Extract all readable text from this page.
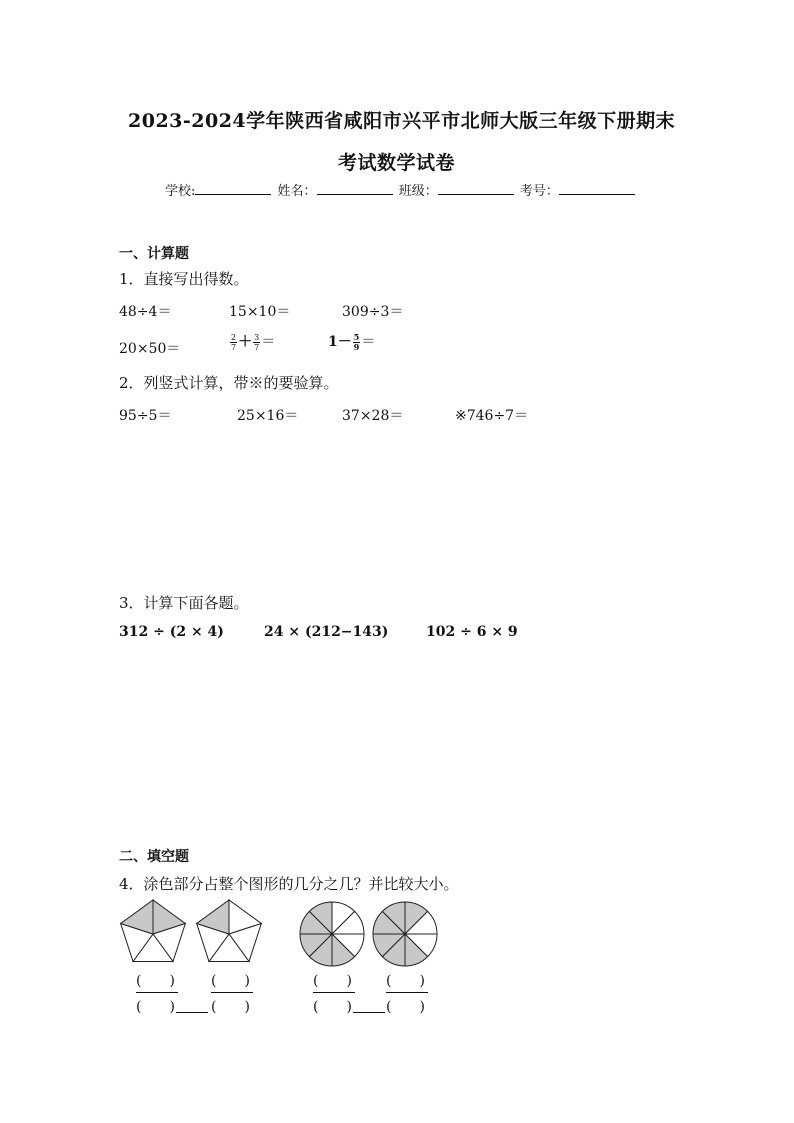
2023-2024学年陕西省咸阳市兴平市北师大版三年级下册期末
考试数学试卷
学校:	姓名：	班级：	考号：
一、计算题
1．直接写出得数。
48÷4＝	15×10＝	309÷3＝
20×50＝	$\frac{2}{7} + \frac{3}{7}$ ＝	$1- \frac{5}{9}$ ＝
2．列竖式计算，带※的要验算。
95÷5＝	25×16＝	37×28＝	※746÷7＝
3．计算下面各题。
312 ÷ (2 × 4)	24 × (212−143)	102 ÷ 6 × 9
二、填空题
4．涂色部分占整个图形的几分之几？并比较大小。
(　　)
(　　)
(　　)
(　　)
(　　)
(　　)
(　　)
(　　)
